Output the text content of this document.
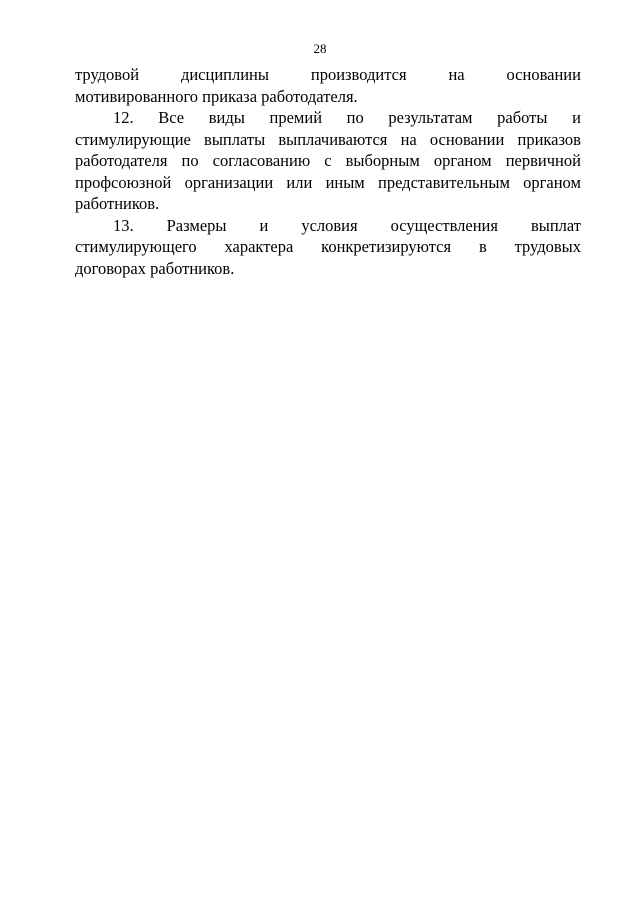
28
трудовой	дисциплины	производится	на	основании
мотивированного приказа работодателя.
12. Все виды премий по результатам работы и
стимулирующие выплаты выплачиваются на основании приказов
работодателя по согласованию с выборным органом первичной
профсоюзной организации или иным представительным органом
работников.
13. Размеры и условия осуществления выплат
стимулирующего характера конкретизируются в трудовых
договорах работников.
